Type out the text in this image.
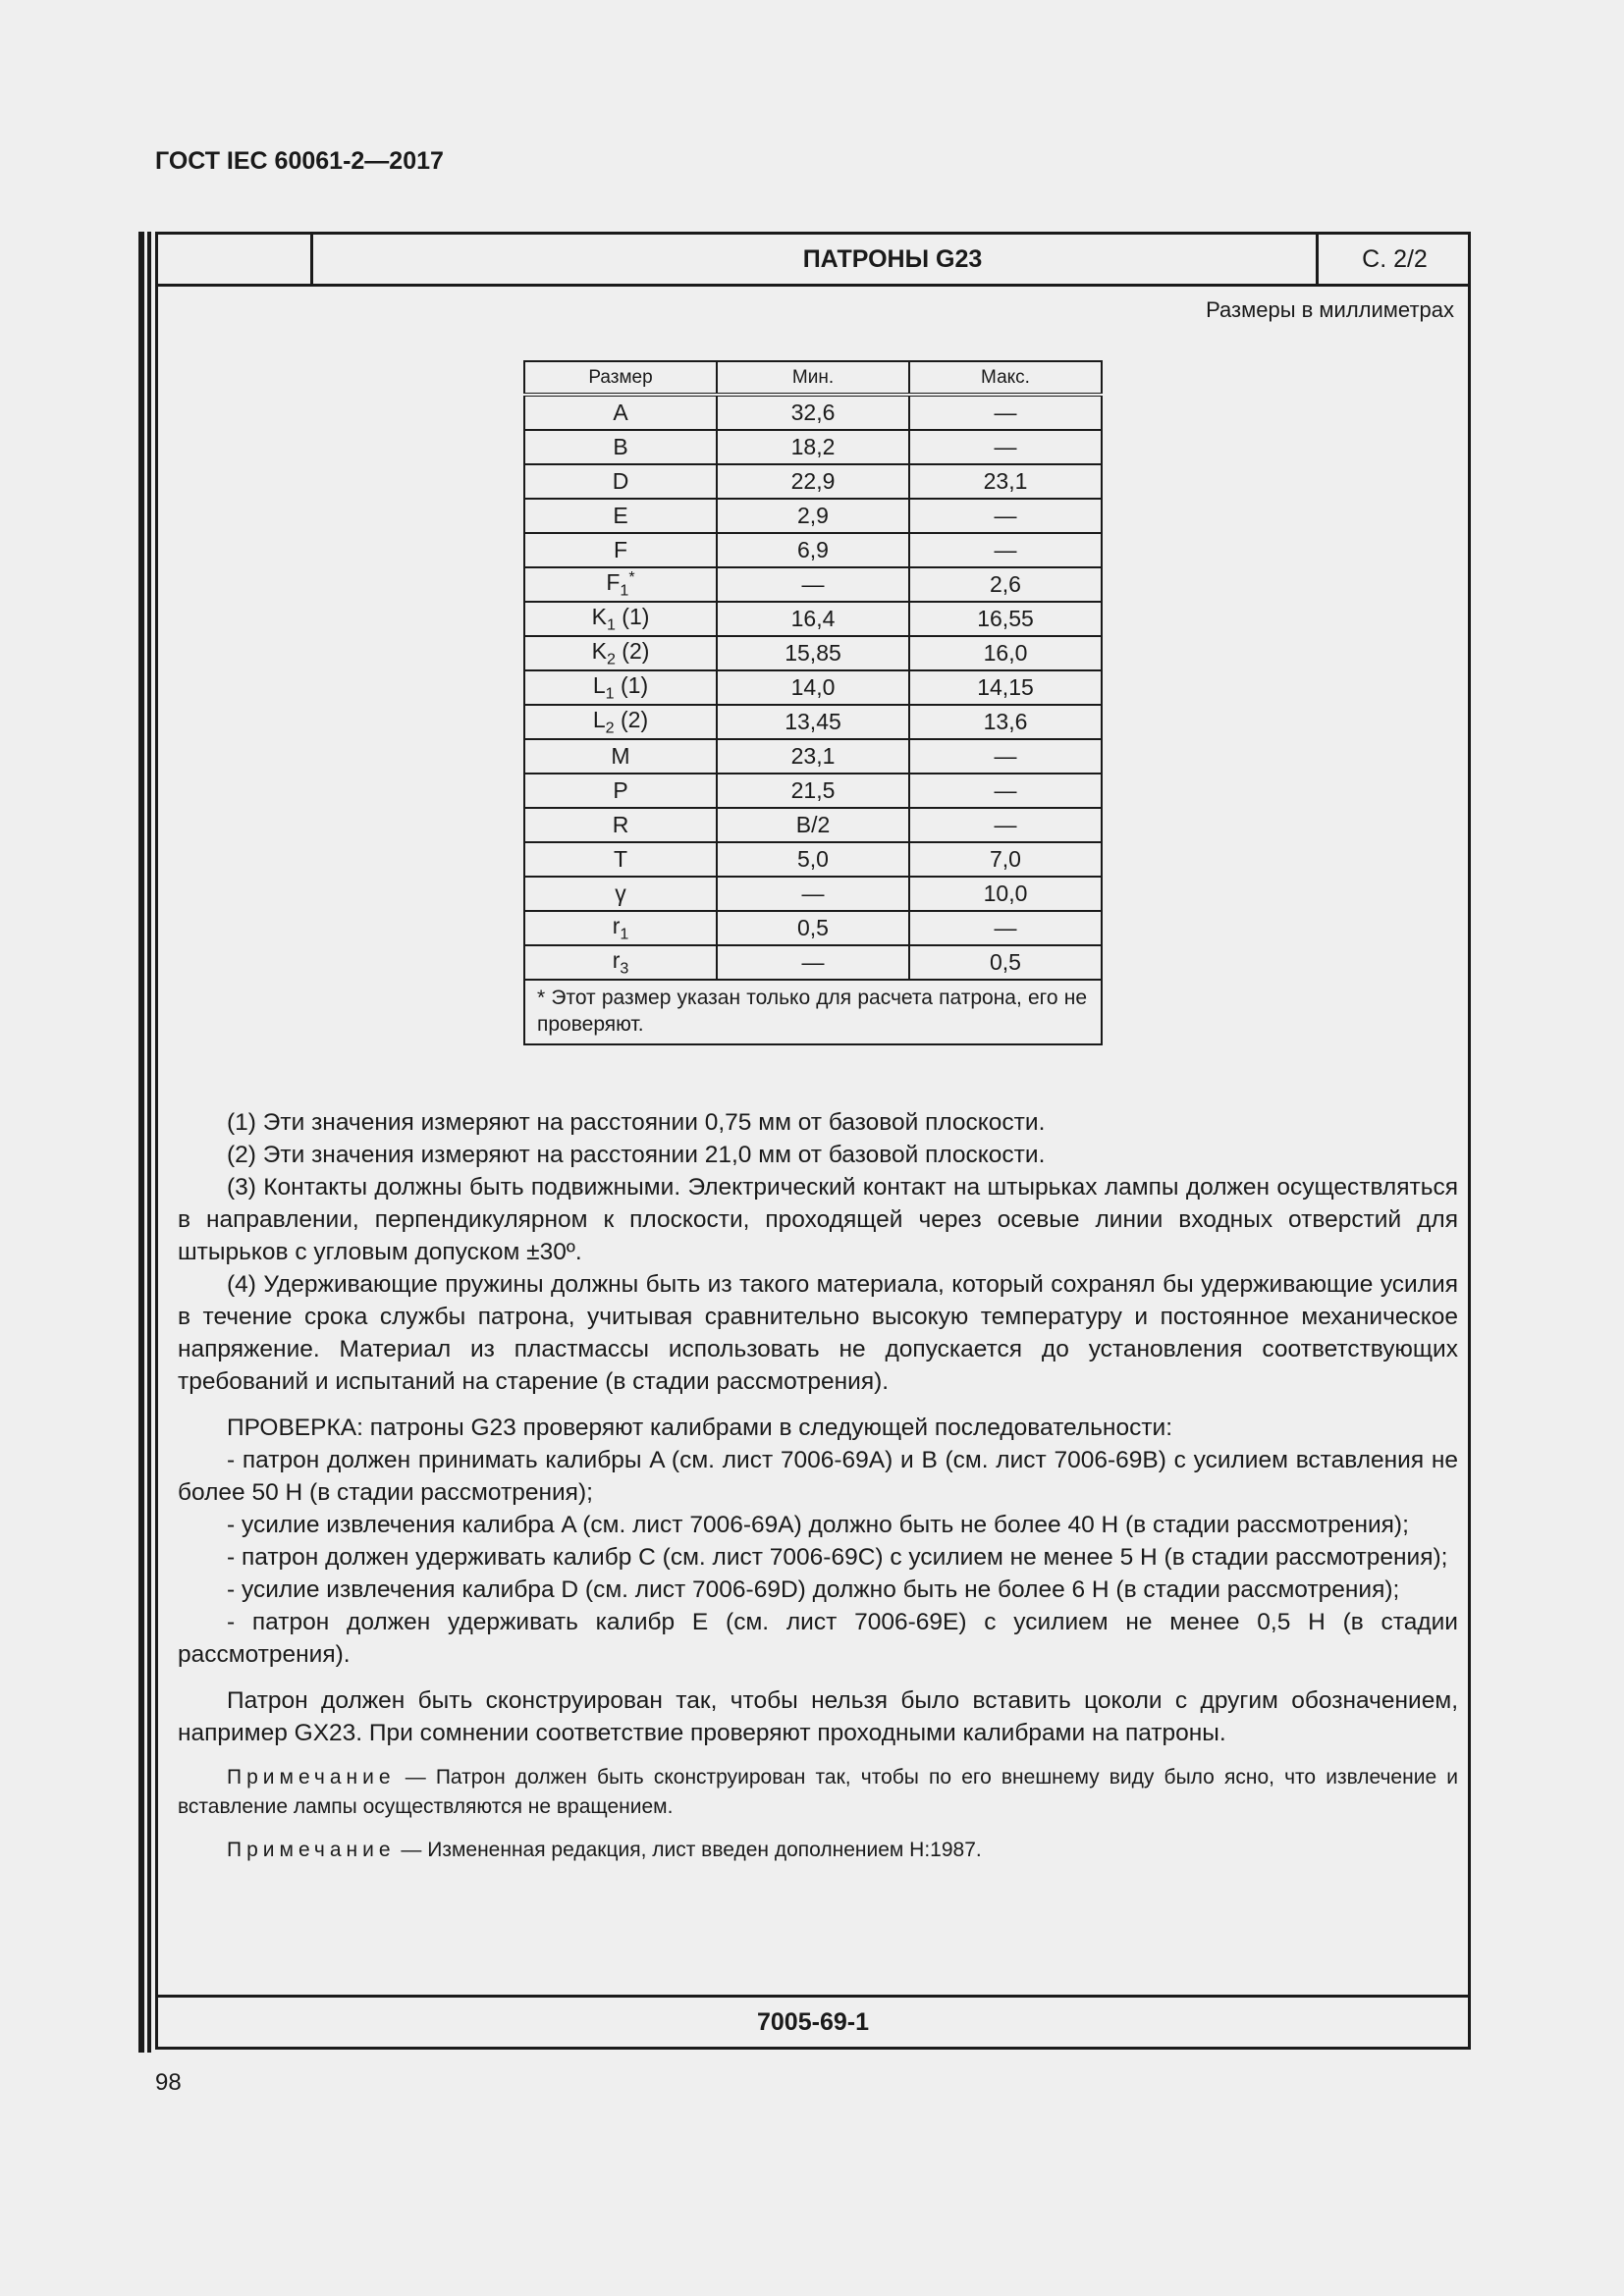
ГОСТ IEC 60061-2—2017
ПАТРОНЫ G23	С. 2/2
Размеры в миллиметрах
Размер	Мин.	Макс.
A	32,6	—
B	18,2	—
D	22,9	23,1
E	2,9	—
F	6,9	—
$F_1^*$	—	2,6
$K_1$ (1)	16,4	16,55
$K_2$ (2)	15,85	16,0
$L_1$ (1)	14,0	14,15
$L_2$ (2)	13,45	13,6
M	23,1	—
P	21,5	—
R	B/2	—
T	5,0	7,0
γ	—	10,0
$r_1$	0,5	—
$r_3$	—	0,5
* Этот размер указан только для расчета патрона, его не проверяют.		

(1) Эти значения измеряют на расстоянии 0,75 мм от базовой плоскости.

(2) Эти значения измеряют на расстоянии 21,0 мм от базовой плоскости.

(3) Контакты должны быть подвижными. Электрический контакт на штырьках лампы должен осуществляться в направлении, перпендикулярном к плоскости, проходящей через осевые линии входных отверстий для штырьков с угловым допуском ±30º.

(4) Удерживающие пружины должны быть из такого материала, который сохранял бы удерживающие усилия в течение срока службы патрона, учитывая сравнительно высокую температуру и постоянное механическое напряжение. Материал из пластмассы использовать не допускается до установления соответствующих требований и испытаний на старение (в стадии рассмотрения).

ПРОВЕРКА: патроны G23 проверяют калибрами в следующей последовательности:

- патрон должен принимать калибры A (см. лист 7006-69A) и B (см. лист 7006-69B) с усилием вставления не более 50 Н (в стадии рассмотрения);

- усилие извлечения калибра A (см. лист 7006-69A) должно быть не более 40 Н (в стадии рассмотрения);

- патрон должен удерживать калибр C (см. лист 7006-69C) с усилием не менее 5 Н (в стадии рассмотрения);

- усилие извлечения калибра D (см. лист 7006-69D) должно быть не более 6 Н (в стадии рассмотрения);

- патрон должен удерживать калибр E (см. лист 7006-69E) с усилием не менее 0,5 Н (в стадии рассмотрения).

Патрон должен быть сконструирован так, чтобы нельзя было вставить цоколи с другим обозначением, например GX23. При сомнении соответствие проверяют проходными калибрами на патроны.

Примечание — Патрон должен быть сконструирован так, чтобы по его внешнему виду было ясно, что извлечение и вставление лампы осуществляются не вращением.

Примечание — Измененная редакция, лист введен дополнением Н:1987.

7005-69-1
98
